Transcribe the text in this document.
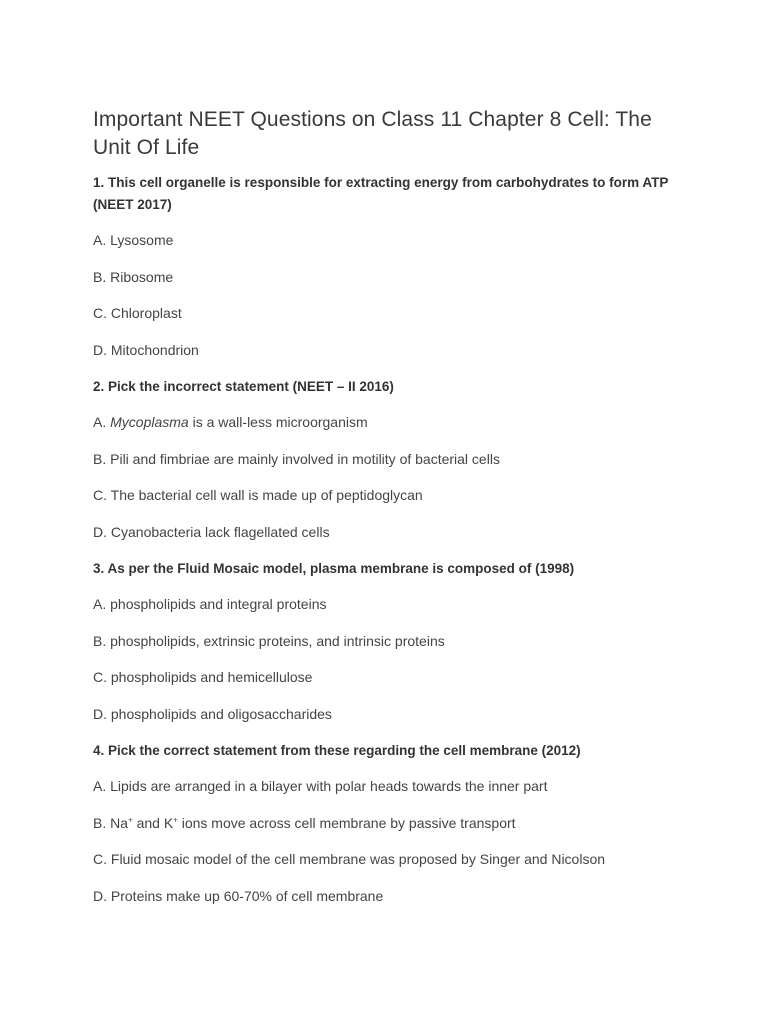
Important NEET Questions on Class 11 Chapter 8 Cell: The Unit Of Life

1. This cell organelle is responsible for extracting energy from carbohydrates to form ATP (NEET 2017)

A. Lysosome

B. Ribosome

C. Chloroplast

D. Mitochondrion

2. Pick the incorrect statement (NEET – II 2016)

A. Mycoplasma is a wall-less microorganism

B. Pili and fimbriae are mainly involved in motility of bacterial cells

C. The bacterial cell wall is made up of peptidoglycan

D. Cyanobacteria lack flagellated cells

3. As per the Fluid Mosaic model, plasma membrane is composed of (1998)

A. phospholipids and integral proteins

B. phospholipids, extrinsic proteins, and intrinsic proteins

C. phospholipids and hemicellulose

D. phospholipids and oligosaccharides

4. Pick the correct statement from these regarding the cell membrane (2012)

A. Lipids are arranged in a bilayer with polar heads towards the inner part

B. Na+ and K+ ions move across cell membrane by passive transport

C. Fluid mosaic model of the cell membrane was proposed by Singer and Nicolson

D. Proteins make up 60-70% of cell membrane
